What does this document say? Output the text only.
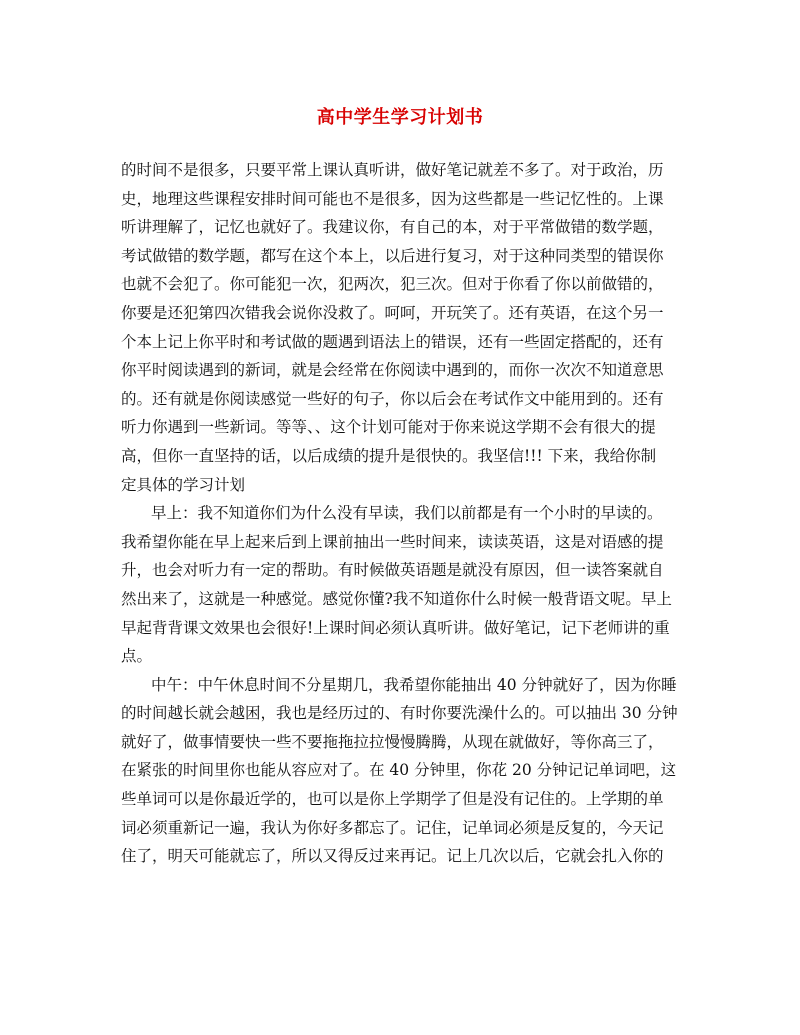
高中学生学习计划书
的时间不是很多，只要平常上课认真听讲，做好笔记就差不多了。对于政治，历
史，地理这些课程安排时间可能也不是很多，因为这些都是一些记忆性的。上课
听讲理解了，记忆也就好了。我建议你，有自己的本，对于平常做错的数学题，
考试做错的数学题，都写在这个本上，以后进行复习，对于这种同类型的错误你
也就不会犯了。你可能犯一次，犯两次，犯三次。但对于你看了你以前做错的，
你要是还犯第四次错我会说你没救了。呵呵，开玩笑了。还有英语，在这个另一
个本上记上你平时和考试做的题遇到语法上的错误，还有一些固定搭配的，还有
你平时阅读遇到的新词，就是会经常在你阅读中遇到的，而你一次次不知道意思
的。还有就是你阅读感觉一些好的句子，你以后会在考试作文中能用到的。还有
听力你遇到一些新词。等等、、这个计划可能对于你来说这学期不会有很大的提
高，但你一直坚持的话，以后成绩的提升是很快的。我坚信!!! 下来，我给你制
定具体的学习计划
早上：我不知道你们为什么没有早读，我们以前都是有一个小时的早读的。
我希望你能在早上起来后到上课前抽出一些时间来，读读英语，这是对语感的提
升，也会对听力有一定的帮助。有时候做英语题是就没有原因，但一读答案就自
然出来了，这就是一种感觉。感觉你懂?我不知道你什么时候一般背语文呢。早上
早起背背课文效果也会很好!上课时间必须认真听讲。做好笔记，记下老师讲的重
点。
中午：中午休息时间不分星期几，我希望你能抽出 40 分钟就好了，因为你睡
的时间越长就会越困，我也是经历过的、有时你要洗澡什么的。可以抽出 30 分钟
就好了，做事情要快一些不要拖拖拉拉慢慢腾腾，从现在就做好，等你高三了，
在紧张的时间里你也能从容应对了。在 40 分钟里，你花 20 分钟记记单词吧，这
些单词可以是你最近学的，也可以是你上学期学了但是没有记住的。上学期的单
词必须重新记一遍，我认为你好多都忘了。记住，记单词必须是反复的，今天记
住了，明天可能就忘了，所以又得反过来再记。记上几次以后，它就会扎入你的
